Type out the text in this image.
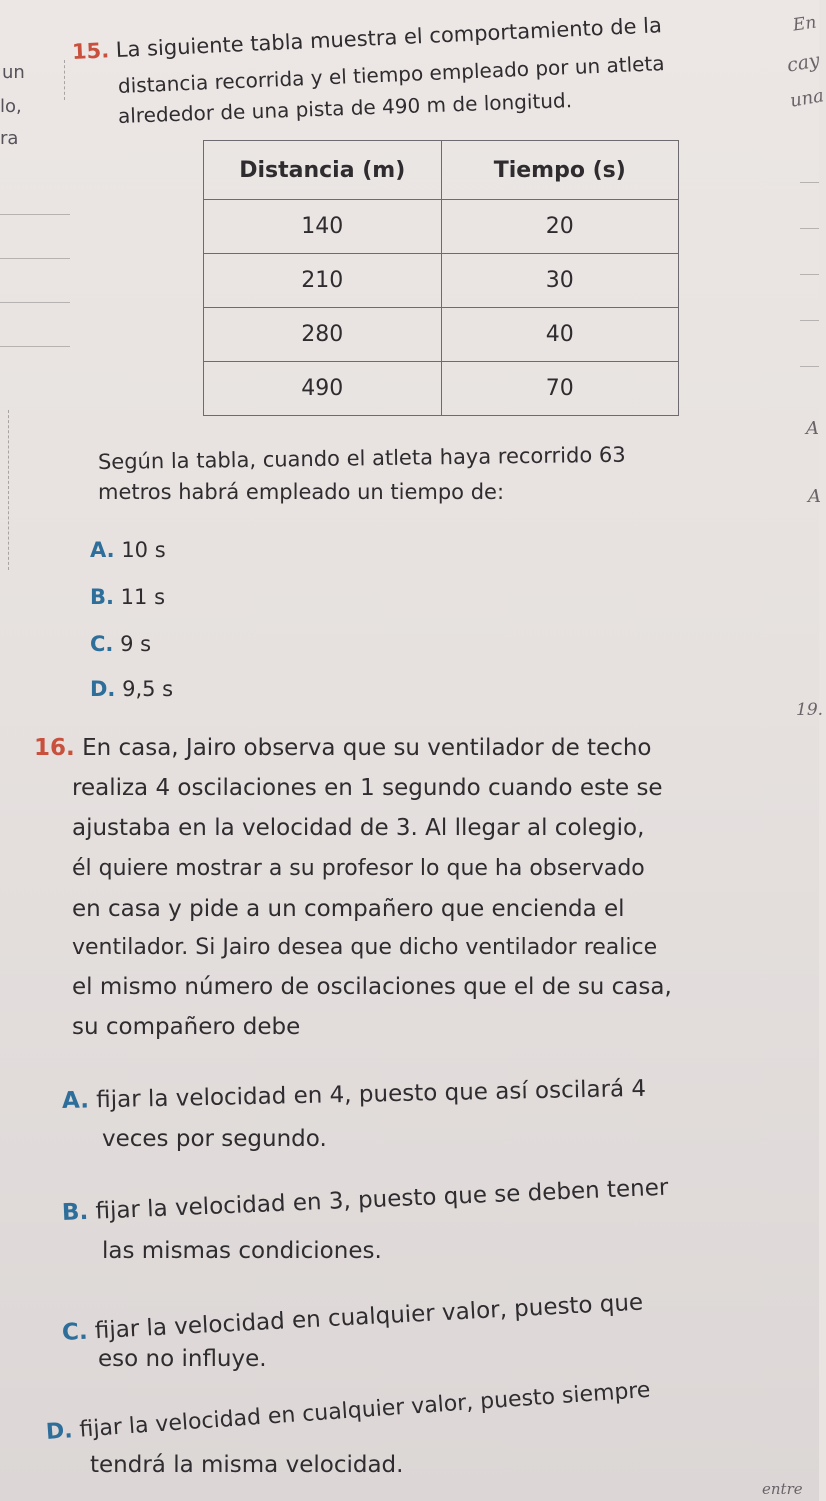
un
lo,
ra
En
cay
una
A
A
19.
entre
15. La siguiente tabla muestra el comportamiento de la
distancia recorrida y el tiempo empleado por un atleta
alrededor de una pista de 490 m de longitud.
Distancia (m)	Tiempo (s)
140	20
210	30
280	40
490	70
Según la tabla, cuando el atleta haya recorrido 63
metros habrá empleado un tiempo de:
A. 10 s
B. 11 s
C. 9 s
D. 9,5 s
16. En casa, Jairo observa que su ventilador de techo
realiza 4 oscilaciones en 1 segundo cuando este se
ajustaba en la velocidad de 3. Al llegar al colegio,
él quiere mostrar a su profesor lo que ha observado
en casa y pide a un compañero que encienda el
ventilador. Si Jairo desea que dicho ventilador realice
el mismo número de oscilaciones que el de su casa,
su compañero debe
A. fijar la velocidad en 4, puesto que así oscilará 4
veces por segundo.
B. fijar la velocidad en 3, puesto que se deben tener
las mismas condiciones.
C. fijar la velocidad en cualquier valor, puesto que
eso no influye.
D. fijar la velocidad en cualquier valor, puesto siempre
tendrá la misma velocidad.
